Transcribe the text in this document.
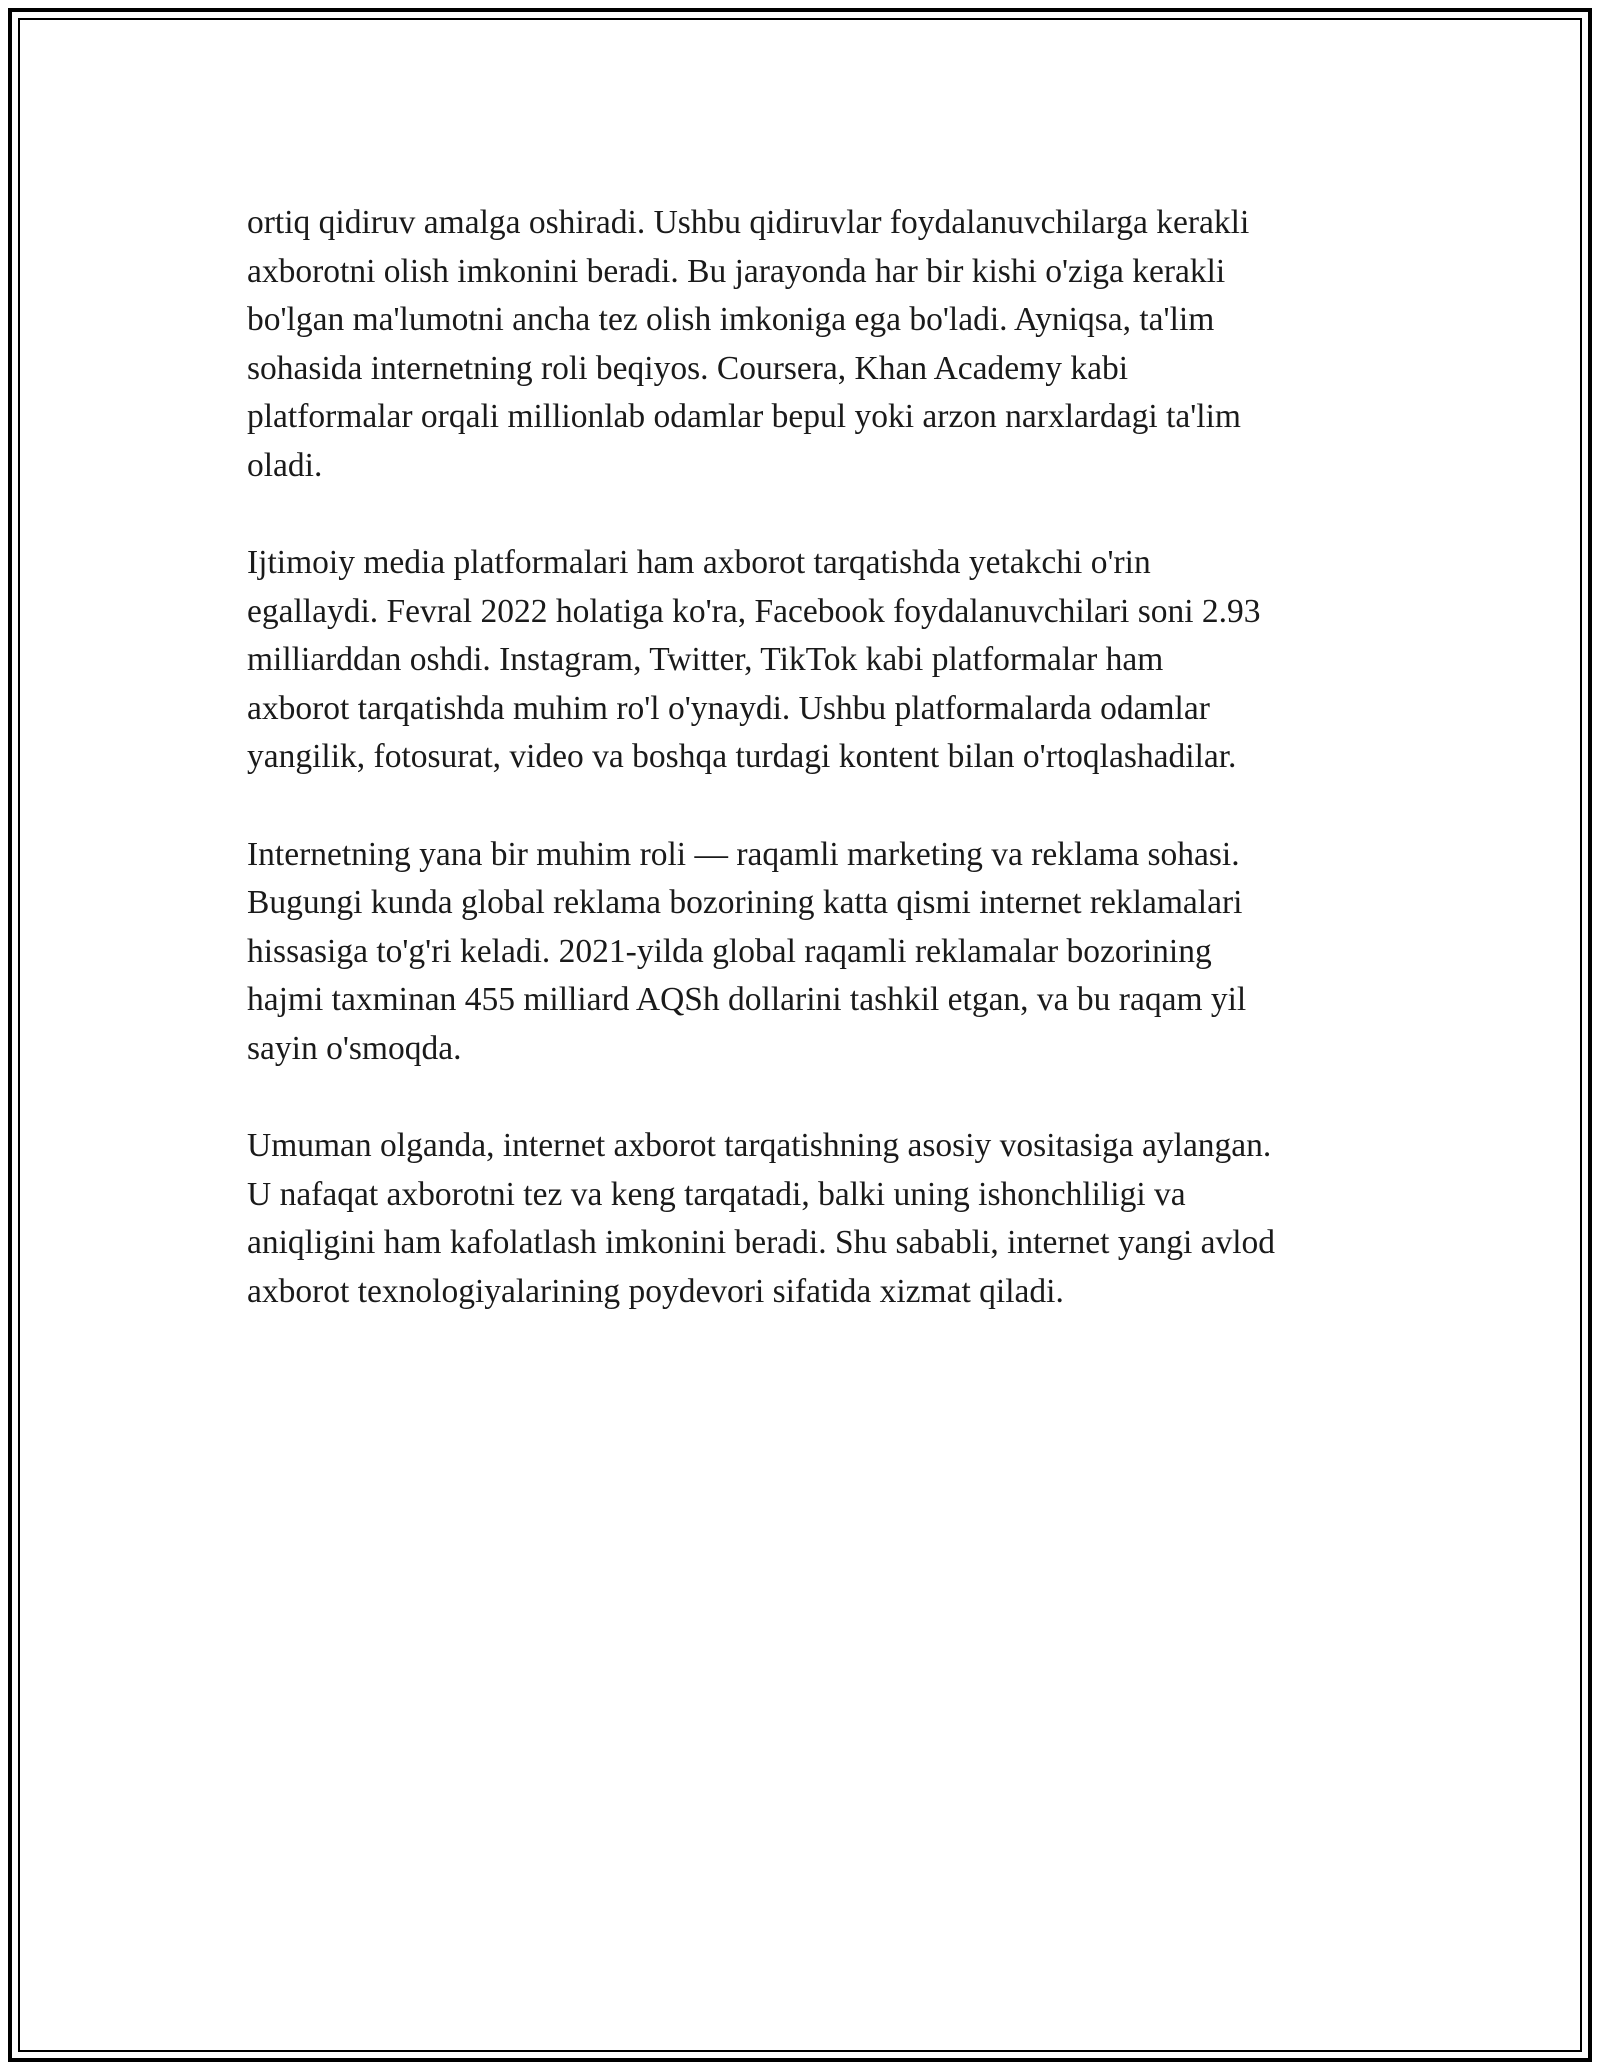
ortiq qidiruv amalga oshiradi. Ushbu qidiruvlar foydalanuvchilarga kerakli
axborotni olish imkonini beradi. Bu jarayonda har bir kishi o'ziga kerakli
bo'lgan ma'lumotni ancha tez olish imkoniga ega bo'ladi. Ayniqsa, ta'lim
sohasida internetning roli beqiyos. Coursera, Khan Academy kabi
platformalar orqali millionlab odamlar bepul yoki arzon narxlardagi ta'lim
oladi.

Ijtimoiy media platformalari ham axborot tarqatishda yetakchi o'rin
egallaydi. Fevral 2022 holatiga ko'ra, Facebook foydalanuvchilari soni 2.93
milliarddan oshdi. Instagram, Twitter, TikTok kabi platformalar ham
axborot tarqatishda muhim ro'l o'ynaydi. Ushbu platformalarda odamlar
yangilik, fotosurat, video va boshqa turdagi kontent bilan o'rtoqlashadilar.

Internetning yana bir muhim roli — raqamli marketing va reklama sohasi.
Bugungi kunda global reklama bozorining katta qismi internet reklamalari
hissasiga to'g'ri keladi. 2021-yilda global raqamli reklamalar bozorining
hajmi taxminan 455 milliard AQSh dollarini tashkil etgan, va bu raqam yil
sayin o'smoqda.

Umuman olganda, internet axborot tarqatishning asosiy vositasiga aylangan.
U nafaqat axborotni tez va keng tarqatadi, balki uning ishonchliligi va
aniqligini ham kafolatlash imkonini beradi. Shu sababli, internet yangi avlod
axborot texnologiyalarining poydevori sifatida xizmat qiladi.
